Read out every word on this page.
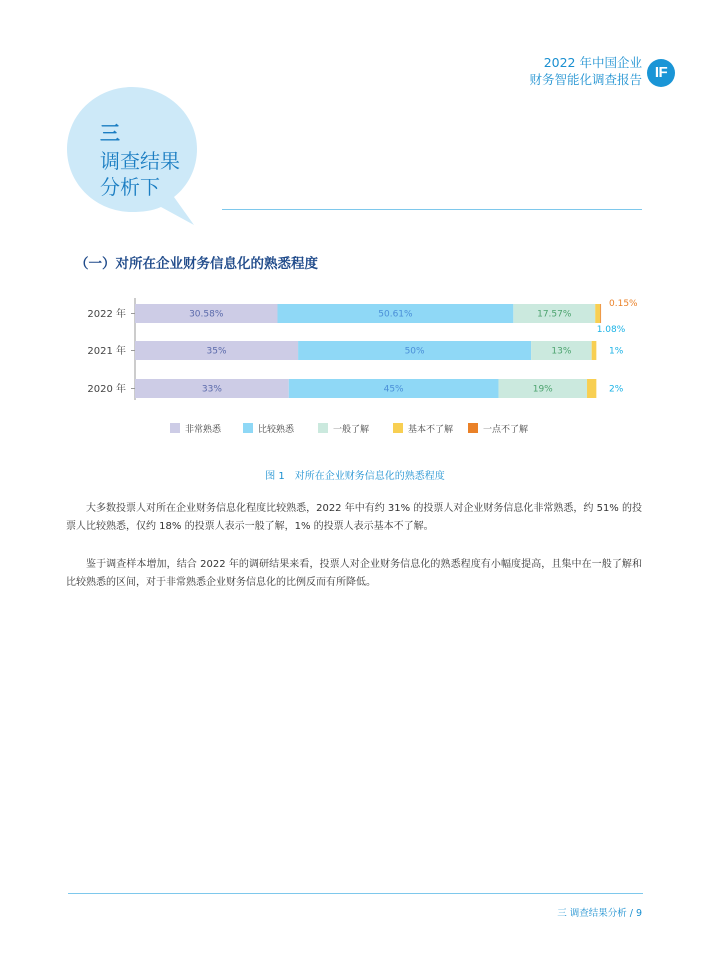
2022 年中国企业
财务智能化调查报告 IF
三
调查结果
分析下
（一）对所在企业财务信息化的熟悉程度
2022 年	30.58%	50.61%	17.57%
1.08%
0.15%
2021 年	35%	50%	13%	1%
2020 年	33%	45%	19%	2%
非常熟悉	比较熟悉	一般了解	基本不了解	一点不了解
图 1　对所在企业财务信息化的熟悉程度
大多数投票人对所在企业财务信息化程度比较熟悉，2022 年中有约 31% 的投票人对企业财务信息化非常熟悉，约 51% 的投票人比较熟悉，仅约 18% 的投票人表示一般了解，1% 的投票人表示基本不了解。
鉴于调查样本增加，结合 2022 年的调研结果来看，投票人对企业财务信息化的熟悉程度有小幅度提高，且集中在一般了解和比较熟悉的区间，对于非常熟悉企业财务信息化的比例反而有所降低。
三 调查结果分析 / 9
